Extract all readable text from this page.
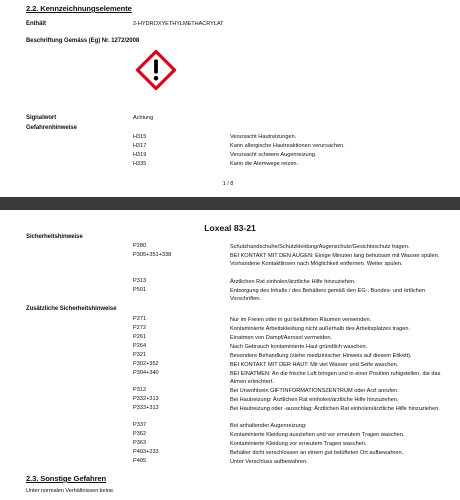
2.2. Kennzeichnungselemente
Enthält	2-HYDROXYETHYLMETHACRYLAT
Beschriftung Gemäss (Eg) Nr. 1272/2008
Signalwort	Achtung
Gefahrenhinweise
H315	Verursacht Hautreizungen.
H317	Kann allergische Hautreaktionen verursachen.
H319	Verursacht schwere Augenreizung.
H335	Kann die Atemwege reizen.
1 / 8
Loxeal 83-21
Sicherheitshinweise
P280	Schutzhandschuhe/Schutzkleidung/Augenschutz/Gesichtsschutz tragen.
P305+351+338	BEI KONTAKT MIT DEN AUGEN: Einige Minuten lang behutsam mit Wasser spülen. Vorhandene Kontaktlinsen nach Möglichkeit entfernen. Weiter spülen.
P313	Ärztlichen Rat einholen/ärztliche Hilfe hinzuziehen.
P501	Entsorgung des Inhalts / des Behälters gemäß den EG-, Bundes- und örtlichen Vorschriften.
Zusätzliche Sicherheitshinweise
P271	Nur im Freien oder in gut belüfteten Räumen verwenden.
P272	Kontaminierte Arbeitskleidung nicht außerhalb des Arbeitsplatzes tragen.
P261	Einatmen von Dampf/Aerosol vermeiden.
P264	Nach Gebrauch kontaminierte Haut gründlich waschen.
P321	Besondere Behandlung (siehe medizinischer Hinweis auf diesem Etikett).
P302+352	BEI KONTAKT MIT DER HAUT: Mit viel Wasser und Seife waschen.
P304+340	BEI EINATMEN: An die frische Luft bringen und in einer Position ruhigstellen, die das Atmen erleichtert.
P312	Bei Unwohlsein GIFTINFORMATIONSZENTRUM oder Arzt anrufen.
P332+313	Bei Hautreizung: Ärztlichen Rat einholen/ärztliche Hilfe hinzuziehen.
P333+313	Bei Hautreizung oder -ausschlag: Ärztlichen Rat einholen/ärztliche Hilfe hinzuziehen.
P337	Bei anhaltender Augenreizung:
P362	Kontaminierte Kleidung ausziehen und vor erneutem Tragen waschen.
P363	Kontaminierte Kleidung vor erneutem Tragen waschen.
P403+233	Behälter dicht verschlossen an einem gut belüfteten Ort aufbewahren.
P405	Unter Verschluss aufbewahren.
2.3. Sonstige Gefahren
Unter normalen Verhältnissen keine.
